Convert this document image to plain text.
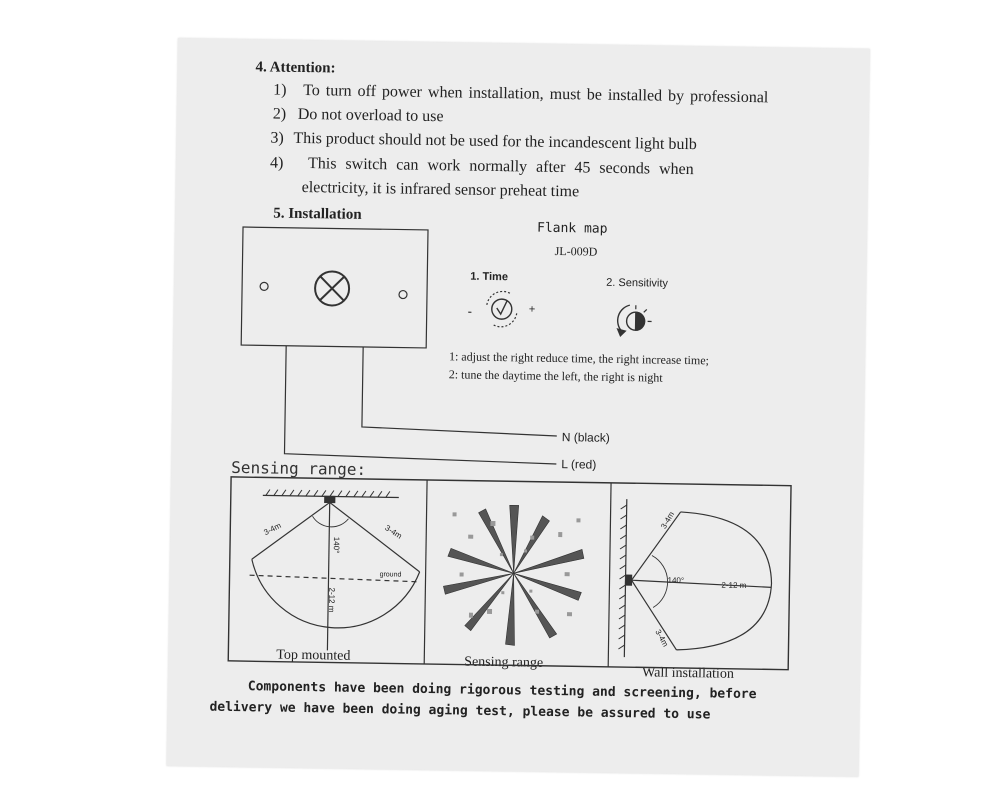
4. Attention:
1) To turn off power when installation, must be installed by professional
2) Do not overload to use
3) This product should not be used for the incandescent light bulb
4) This switch can work normally after 45 seconds when
electricity, it is infrared sensor preheat time
5. Installation
Flank map
JL-009D
1. Time	2. Sensitivity
-	+
1: adjust the right reduce time, the right increase time;
2: tune the daytime the left, the right is night
N (black)
L (red)
Sensing range:
Top mounted	Sensing range
Wall installation
3-4m	3-4m
140°
ground
2-12 m
3-4m
140°
2-12 m
3-4m
Components have been doing rigorous testing and screening, before
delivery we have been doing aging test, please be assured to use
